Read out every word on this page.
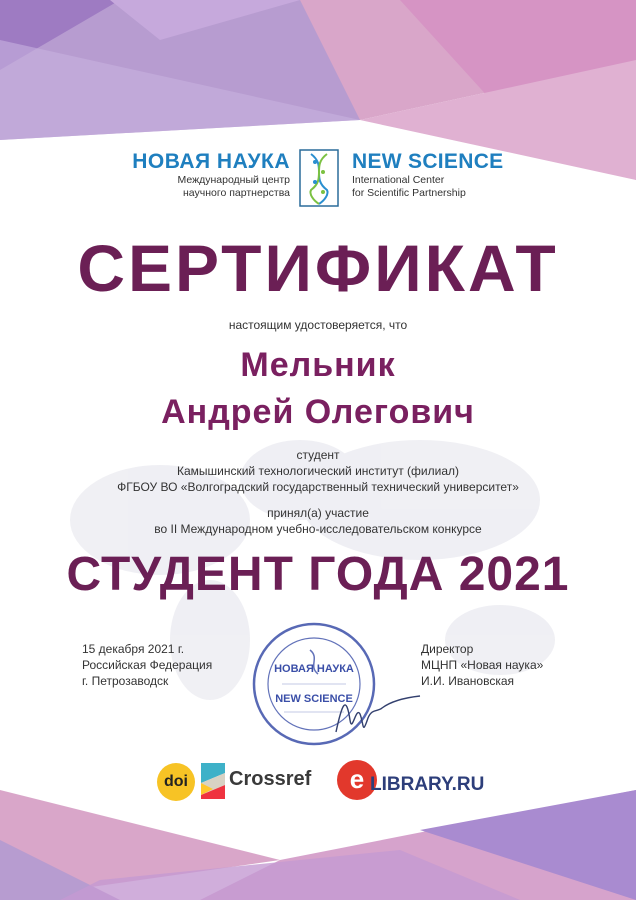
НОВАЯ НАУКА
Международный центр
научного партнерства
NEW SCIENCE
International Center
for Scientific Partnership
СЕРТИФИКАТ
настоящим удостоверяется, что
Мельник
Андрей Олегович
студент
Камышинский технологический институт (филиал)
ФГБОУ ВО «Волгоградский государственный технический университет»
принял(а) участие
во II Международном учебно-исследовательском конкурсе
СТУДЕНТ ГОДА 2021
15 декабря 2021 г.
Российская Федерация
г. Петрозаводск
НОВАЯ НАУКА
NEW SCIENCE
Директор
МЦНП «Новая наука»
И.И. Ивановская
doi	Crossref e LIBRARY.RU
